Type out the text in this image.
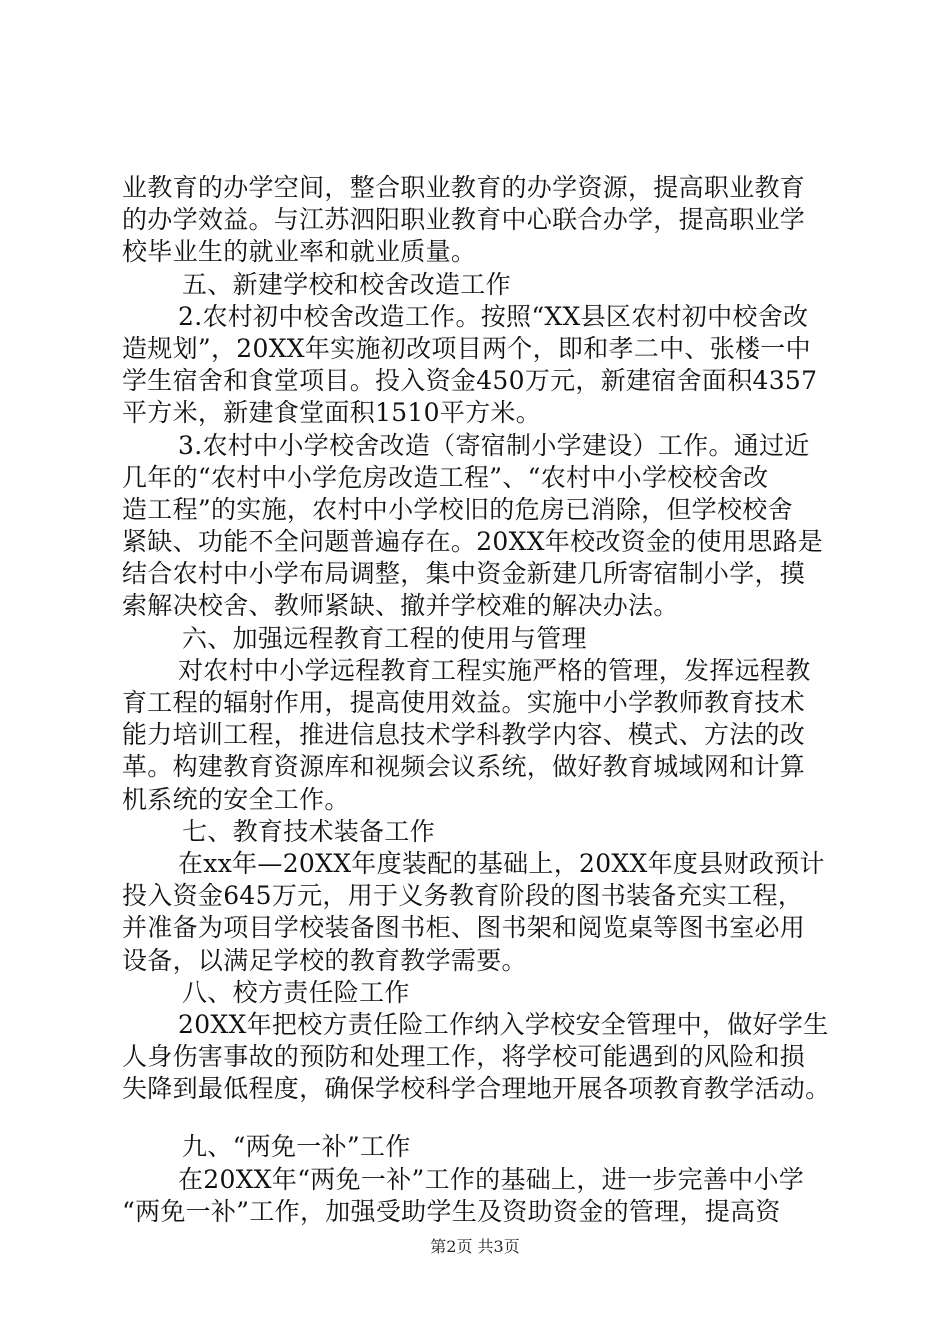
业教育的办学空间，整合职业教育的办学资源，提高职业教育
的办学效益。与江苏泗阳职业教育中心联合办学，提高职业学
校毕业生的就业率和就业质量。
五、新建学校和校舍改造工作
2.农村初中校舍改造工作。按照“XX县区农村初中校舍改
造规划”，20XX年实施初改项目两个，即和孝二中、张楼一中
学生宿舍和食堂项目。投入资金450万元，新建宿舍面积4357
平方米，新建食堂面积1510平方米。
3.农村中小学校舍改造（寄宿制小学建设）工作。通过近
几年的“农村中小学危房改造工程”、“农村中小学校校舍改
造工程”的实施，农村中小学校旧的危房已消除，但学校校舍
紧缺、功能不全问题普遍存在。20XX年校改资金的使用思路是
结合农村中小学布局调整，集中资金新建几所寄宿制小学，摸
索解决校舍、教师紧缺、撤并学校难的解决办法。
六、加强远程教育工程的使用与管理
对农村中小学远程教育工程实施严格的管理，发挥远程教
育工程的辐射作用，提高使用效益。实施中小学教师教育技术
能力培训工程，推进信息技术学科教学内容、模式、方法的改
革。构建教育资源库和视频会议系统，做好教育城域网和计算
机系统的安全工作。
七、教育技术装备工作
在xx年—20XX年度装配的基础上，20XX年度县财政预计
投入资金645万元，用于义务教育阶段的图书装备充实工程，
并准备为项目学校装备图书柜、图书架和阅览桌等图书室必用
设备，以满足学校的教育教学需要。
八、校方责任险工作
20XX年把校方责任险工作纳入学校安全管理中，做好学生
人身伤害事故的预防和处理工作，将学校可能遇到的风险和损
失降到最低程度，确保学校科学合理地开展各项教育教学活动。
九、“两免一补”工作
在20XX年“两免一补”工作的基础上，进一步完善中小学
“两免一补”工作，加强受助学生及资助资金的管理，提高资
第2页 共3页
